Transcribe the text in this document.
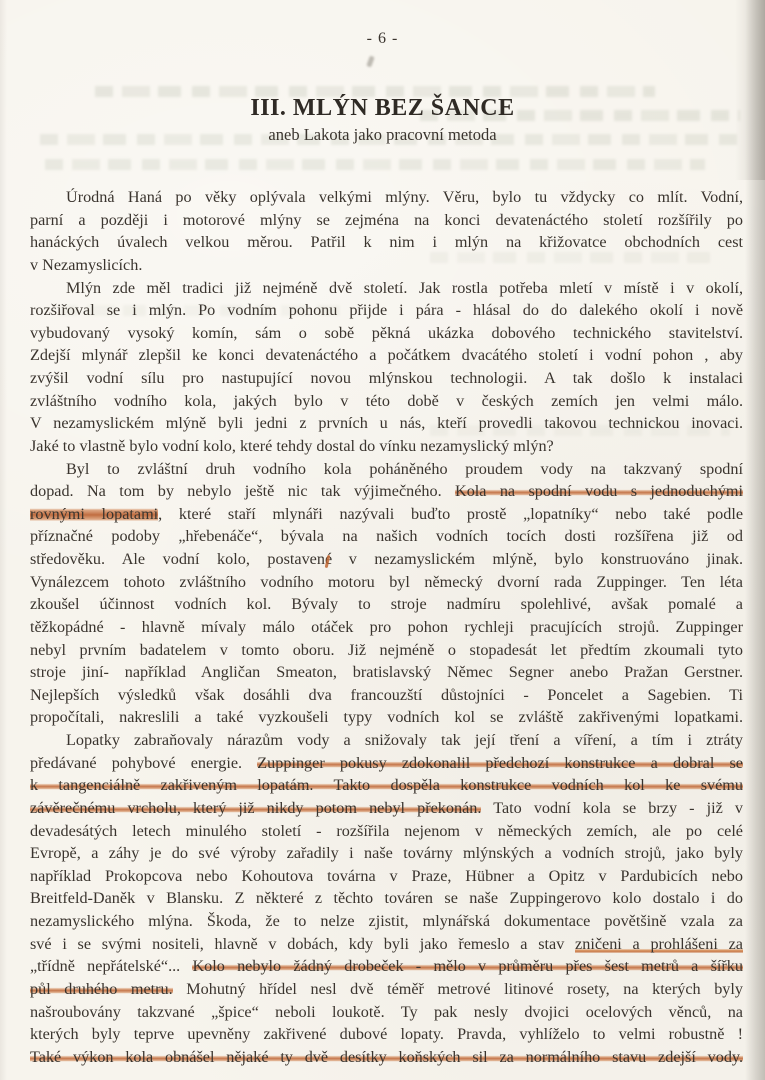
- 6 -
III. MLÝN BEZ ŠANCE
aneb Lakota jako pracovní metoda
Úrodná Haná po věky oplývala velkými mlýny. Věru, bylo tu vždycky co mlít. Vodní,
parní a později i motorové mlýny se zejména na konci devatenáctého století rozšířily po
hanáckých úvalech velkou měrou. Patřil k nim i mlýn na křižovatce obchodních cest
v Nezamyslicích.
Mlýn zde měl tradici již nejméně dvě století. Jak rostla potřeba mletí v místě i v okolí,
rozšiřoval se i mlýn. Po vodním pohonu přijde i pára - hlásal do do dalekého okolí i nově
vybudovaný vysoký komín, sám o sobě pěkná ukázka dobového technického stavitelství.
Zdejší mlynář zlepšil ke konci devatenáctého a počátkem dvacátého století i vodní pohon , aby
zvýšil vodní sílu pro nastupující novou mlýnskou technologii. A tak došlo k instalaci
zvláštního vodního kola, jakých bylo v této době v českých zemích jen velmi málo.
V nezamyslickém mlýně byli jedni z prvních u nás, kteří provedli takovou technickou inovaci.
Jaké to vlastně bylo vodní kolo, které tehdy dostal do vínku nezamyslický mlýn?
Byl to zvláštní druh vodního kola poháněného proudem vody na takzvaný spodní
dopad. Na tom by nebylo ještě nic tak výjimečného. Kola na spodní vodu s jednoduchými
rovnými lopatami, které staří mlynáři nazývali buďto prostě „lopatníky“ nebo také podle
příznačné podoby „hřebenáče“, bývala na našich vodních tocích dosti rozšířena již od
středověku. Ale vodní kolo, postavené v nezamyslickém mlýně, bylo konstruováno jinak.
Vynálezcem tohoto zvláštního vodního motoru byl německý dvorní rada Zuppinger. Ten léta
zkoušel účinnost vodních kol. Bývaly to stroje nadmíru spolehlivé, avšak pomalé a
těžkopádné - hlavně mívaly málo otáček pro pohon rychleji pracujících strojů. Zuppinger
nebyl prvním badatelem v tomto oboru. Již nejméně o stopadesát let předtím zkoumali tyto
stroje jiní- například Angličan Smeaton, bratislavský Němec Segner anebo Pražan Gerstner.
Nejlepších výsledků však dosáhli dva francouzští důstojníci - Poncelet a Sagebien. Ti
propočítali, nakreslili a také vyzkoušeli typy vodních kol se zvláště zakřivenými lopatkami.
Lopatky zabraňovaly nárazům vody a snižovaly tak její tření a víření, a tím i ztráty
předávané pohybové energie. Zuppinger pokusy zdokonalil předchozí konstrukce a dobral se
k tangenciálně zakřiveným lopatám. Takto dospěla konstrukce vodních kol ke svému
závěrečnému vrcholu, který již nikdy potom nebyl překonán. Tato vodní kola se brzy - již v
devadesátých letech minulého století - rozšířila nejenom v německých zemích, ale po celé
Evropě, a záhy je do své výroby zařadily i naše továrny mlýnských a vodních strojů, jako byly
například Prokopcova nebo Kohoutova továrna v Praze, Hübner a Opitz v Pardubicích nebo
Breitfeld-Daněk v Blansku. Z některé z těchto továren se naše Zuppingerovo kolo dostalo i do
nezamyslického mlýna. Škoda, že to nelze zjistit, mlynářská dokumentace povětšině vzala za
své i se svými nositeli, hlavně v dobách, kdy byli jako řemeslo a stav zničeni a prohlášeni za
„třídně nepřátelské“... Kolo nebylo žádný drobeček - mělo v průměru přes šest metrů a šířku
půl druhého metru. Mohutný hřídel nesl dvě téměř metrové litinové rosety, na kterých byly
našroubovány takzvané „špice“ neboli loukotě. Ty pak nesly dvojici ocelových věnců, na
kterých byly teprve upevněny zakřivené dubové lopaty. Pravda, vyhlíželo to velmi robustně !
Také výkon kola obnášel nějaké ty dvě desítky koňských sil za normálního stavu zdejší vody.
